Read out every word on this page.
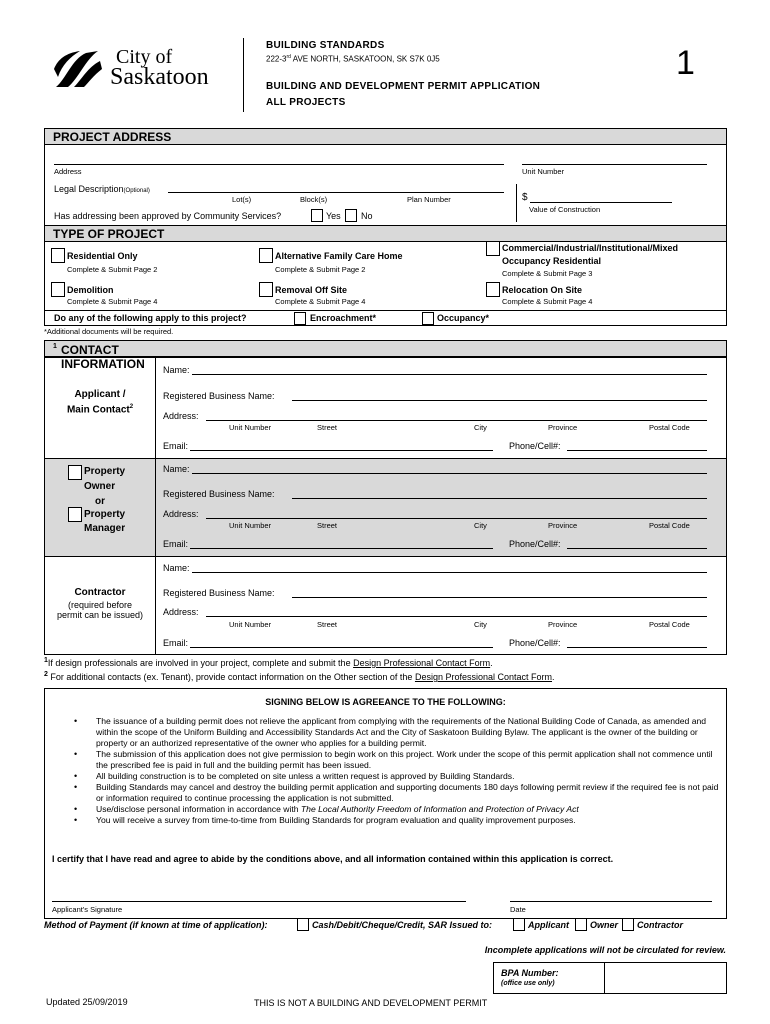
City of
Saskatoon
BUILDING STANDARDS
222-3rd AVE NORTH, SASKATOON, SK S7K 0J5
BUILDING AND DEVELOPMENT PERMIT APPLICATION
ALL PROJECTS
1
PROJECT ADDRESS
Address	Unit Number
Legal Description(Optional)
Lot(s)	Block(s)	Plan Number	$
Value of Construction
Has addressing been approved by Community Services?	Yes No
TYPE OF PROJECT
Residential Only
Complete & Submit Page 2
Alternative Family Care Home
Complete & Submit Page 2
Commercial/Industrial/Institutional/Mixed
Occupancy Residential
Complete & Submit Page 3
Demolition
Complete & Submit Page 4
Removal Off Site
Complete & Submit Page 4
Relocation On Site
Complete & Submit Page 4
Do any of the following apply to this project?	Encroachment*	Occupancy*
*Additional documents will be required.
CONTACT INFORMATION
$^1$
Applicant /
Main Contact$^2$
Name:
Registered Business Name:
Address:
Unit Number	Street	City	Province	Postal Code
Email:	Phone/Cell#:
Property
Owner
or
Property
Manager
Name:
Registered Business Name:
Address:
Unit Number	Street	City	Province	Postal Code
Email:	Phone/Cell#:
Contractor
(required before
permit can be issued)
Name:
Registered Business Name:
Address:
Unit Number	Street	City	Province	Postal Code
Email:	Phone/Cell#:
$^1$If design professionals are involved in your project, complete and submit the Design Professional Contact Form.
$^2$ For additional contacts (ex. Tenant), provide contact information on the Other section of the Design Professional Contact Form.
SIGNING BELOW IS AGREEANCE TO THE FOLLOWING:
• The issuance of a building permit does not relieve the applicant from complying with the requirements of the National Building Code of Canada, as amended and within the scope of the Uniform Building and Accessibility Standards Act and the City of Saskatoon Building Bylaw. The applicant is the owner of the building or property or an authorized representative of the owner who applies for a building permit.
• The submission of this application does not give permission to begin work on this project. Work under the scope of this permit application shall not commence until the prescribed fee is paid in full and the building permit has been issued.
• All building construction is to be completed on site unless a written request is approved by Building Standards.
• Building Standards may cancel and destroy the building permit application and supporting documents 180 days following permit review if the required fee is not paid or information required to continue processing the application is not submitted.
• Use/disclose personal information in accordance with The Local Authority Freedom of Information and Protection of Privacy Act
• You will receive a survey from time-to-time from Building Standards for program evaluation and quality improvement purposes.
I certify that I have read and agree to abide by the conditions above, and all information contained within this application is correct.
Applicant's Signature	Date
Method of Payment (if known at time of application):	Cash/Debit/Cheque/Credit, SAR Issued to:	Applicant Owner Contractor
Incomplete applications will not be circulated for review.
BPA Number:
(office use only)
Updated 25/09/2019	THIS IS NOT A BUILDING AND DEVELOPMENT PERMIT
